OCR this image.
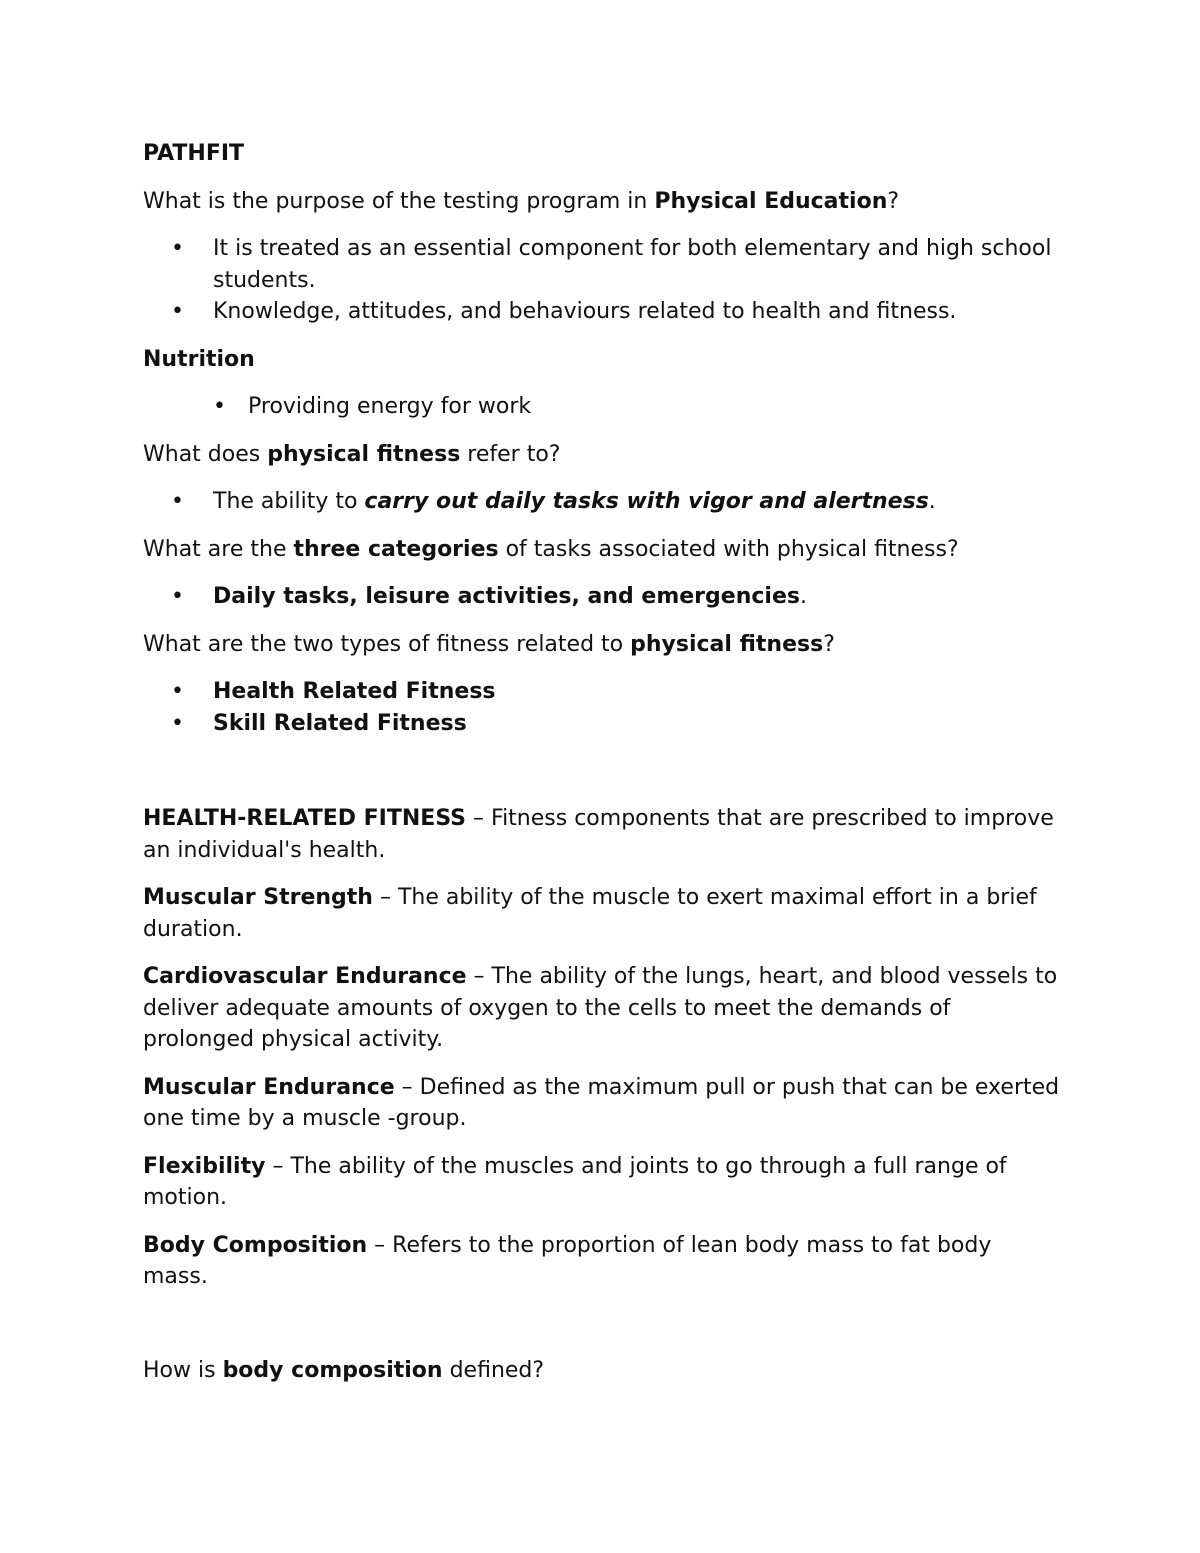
PATHFIT

What is the purpose of the testing program in Physical Education?

• It is treated as an essential component for both elementary and high school students.
• Knowledge, attitudes, and behaviours related to health and fitness.

Nutrition

• Providing energy for work

What does physical fitness refer to?

• The ability to carry out daily tasks with vigor and alertness.

What are the three categories of tasks associated with physical fitness?

• Daily tasks, leisure activities, and emergencies.

What are the two types of fitness related to physical fitness?

• Health Related Fitness
• Skill Related Fitness

HEALTH-RELATED FITNESS – Fitness components that are prescribed to improve an individual's health.

Muscular Strength – The ability of the muscle to exert maximal effort in a brief duration.

Cardiovascular Endurance – The ability of the lungs, heart, and blood vessels to deliver adequate amounts of oxygen to the cells to meet the demands of prolonged physical activity.

Muscular Endurance – Defined as the maximum pull or push that can be exerted one time by a muscle -group.

Flexibility – The ability of the muscles and joints to go through a full range of motion.

Body Composition – Refers to the proportion of lean body mass to fat body mass.

How is body composition defined?
